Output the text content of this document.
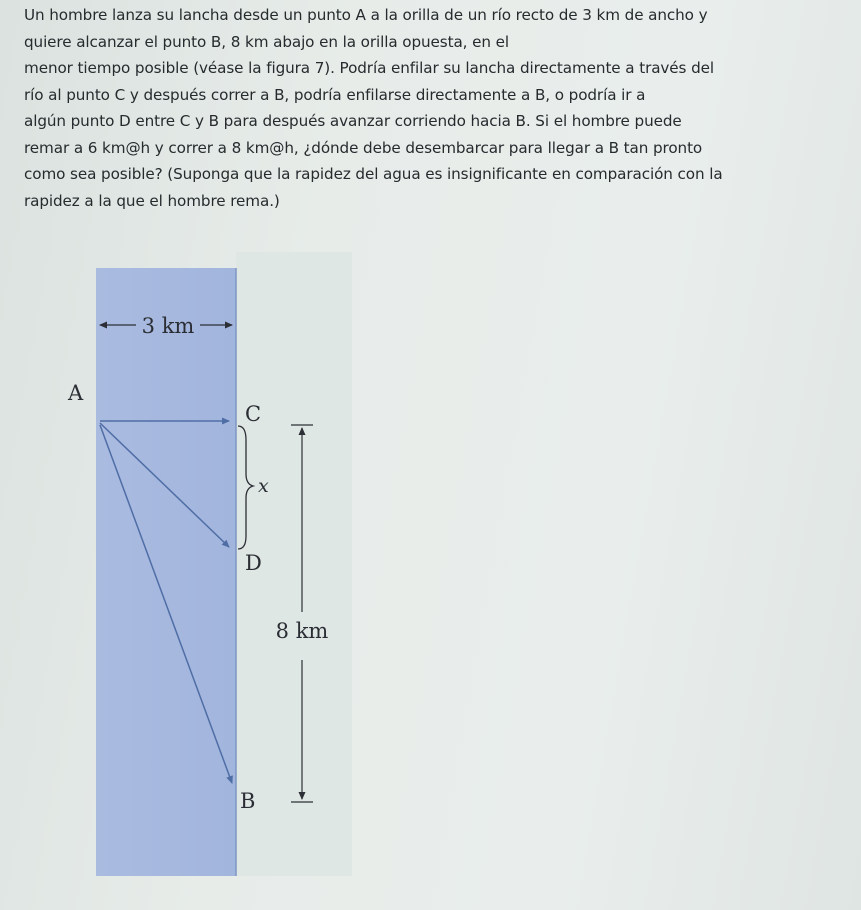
Un hombre lanza su lancha desde un punto A a la orilla de un río recto de 3 km de ancho y
quiere alcanzar el punto B, 8 km abajo en la orilla opuesta, en el
menor tiempo posible (véase la figura 7). Podría enfilar su lancha directamente a través del
río al punto C y después correr a B, podría enfilarse directamente a B, o podría ir a
algún punto D entre C y B para después avanzar corriendo hacia B. Si el hombre puede
remar a 6 km@h y correr a 8 km@h, ¿dónde debe desembarcar para llegar a B tan pronto
como sea posible? (Suponga que la rapidez del agua es insignificante en comparación con la
rapidez a la que el hombre rema.)

3 km
A
C
D
B
x
8 km
